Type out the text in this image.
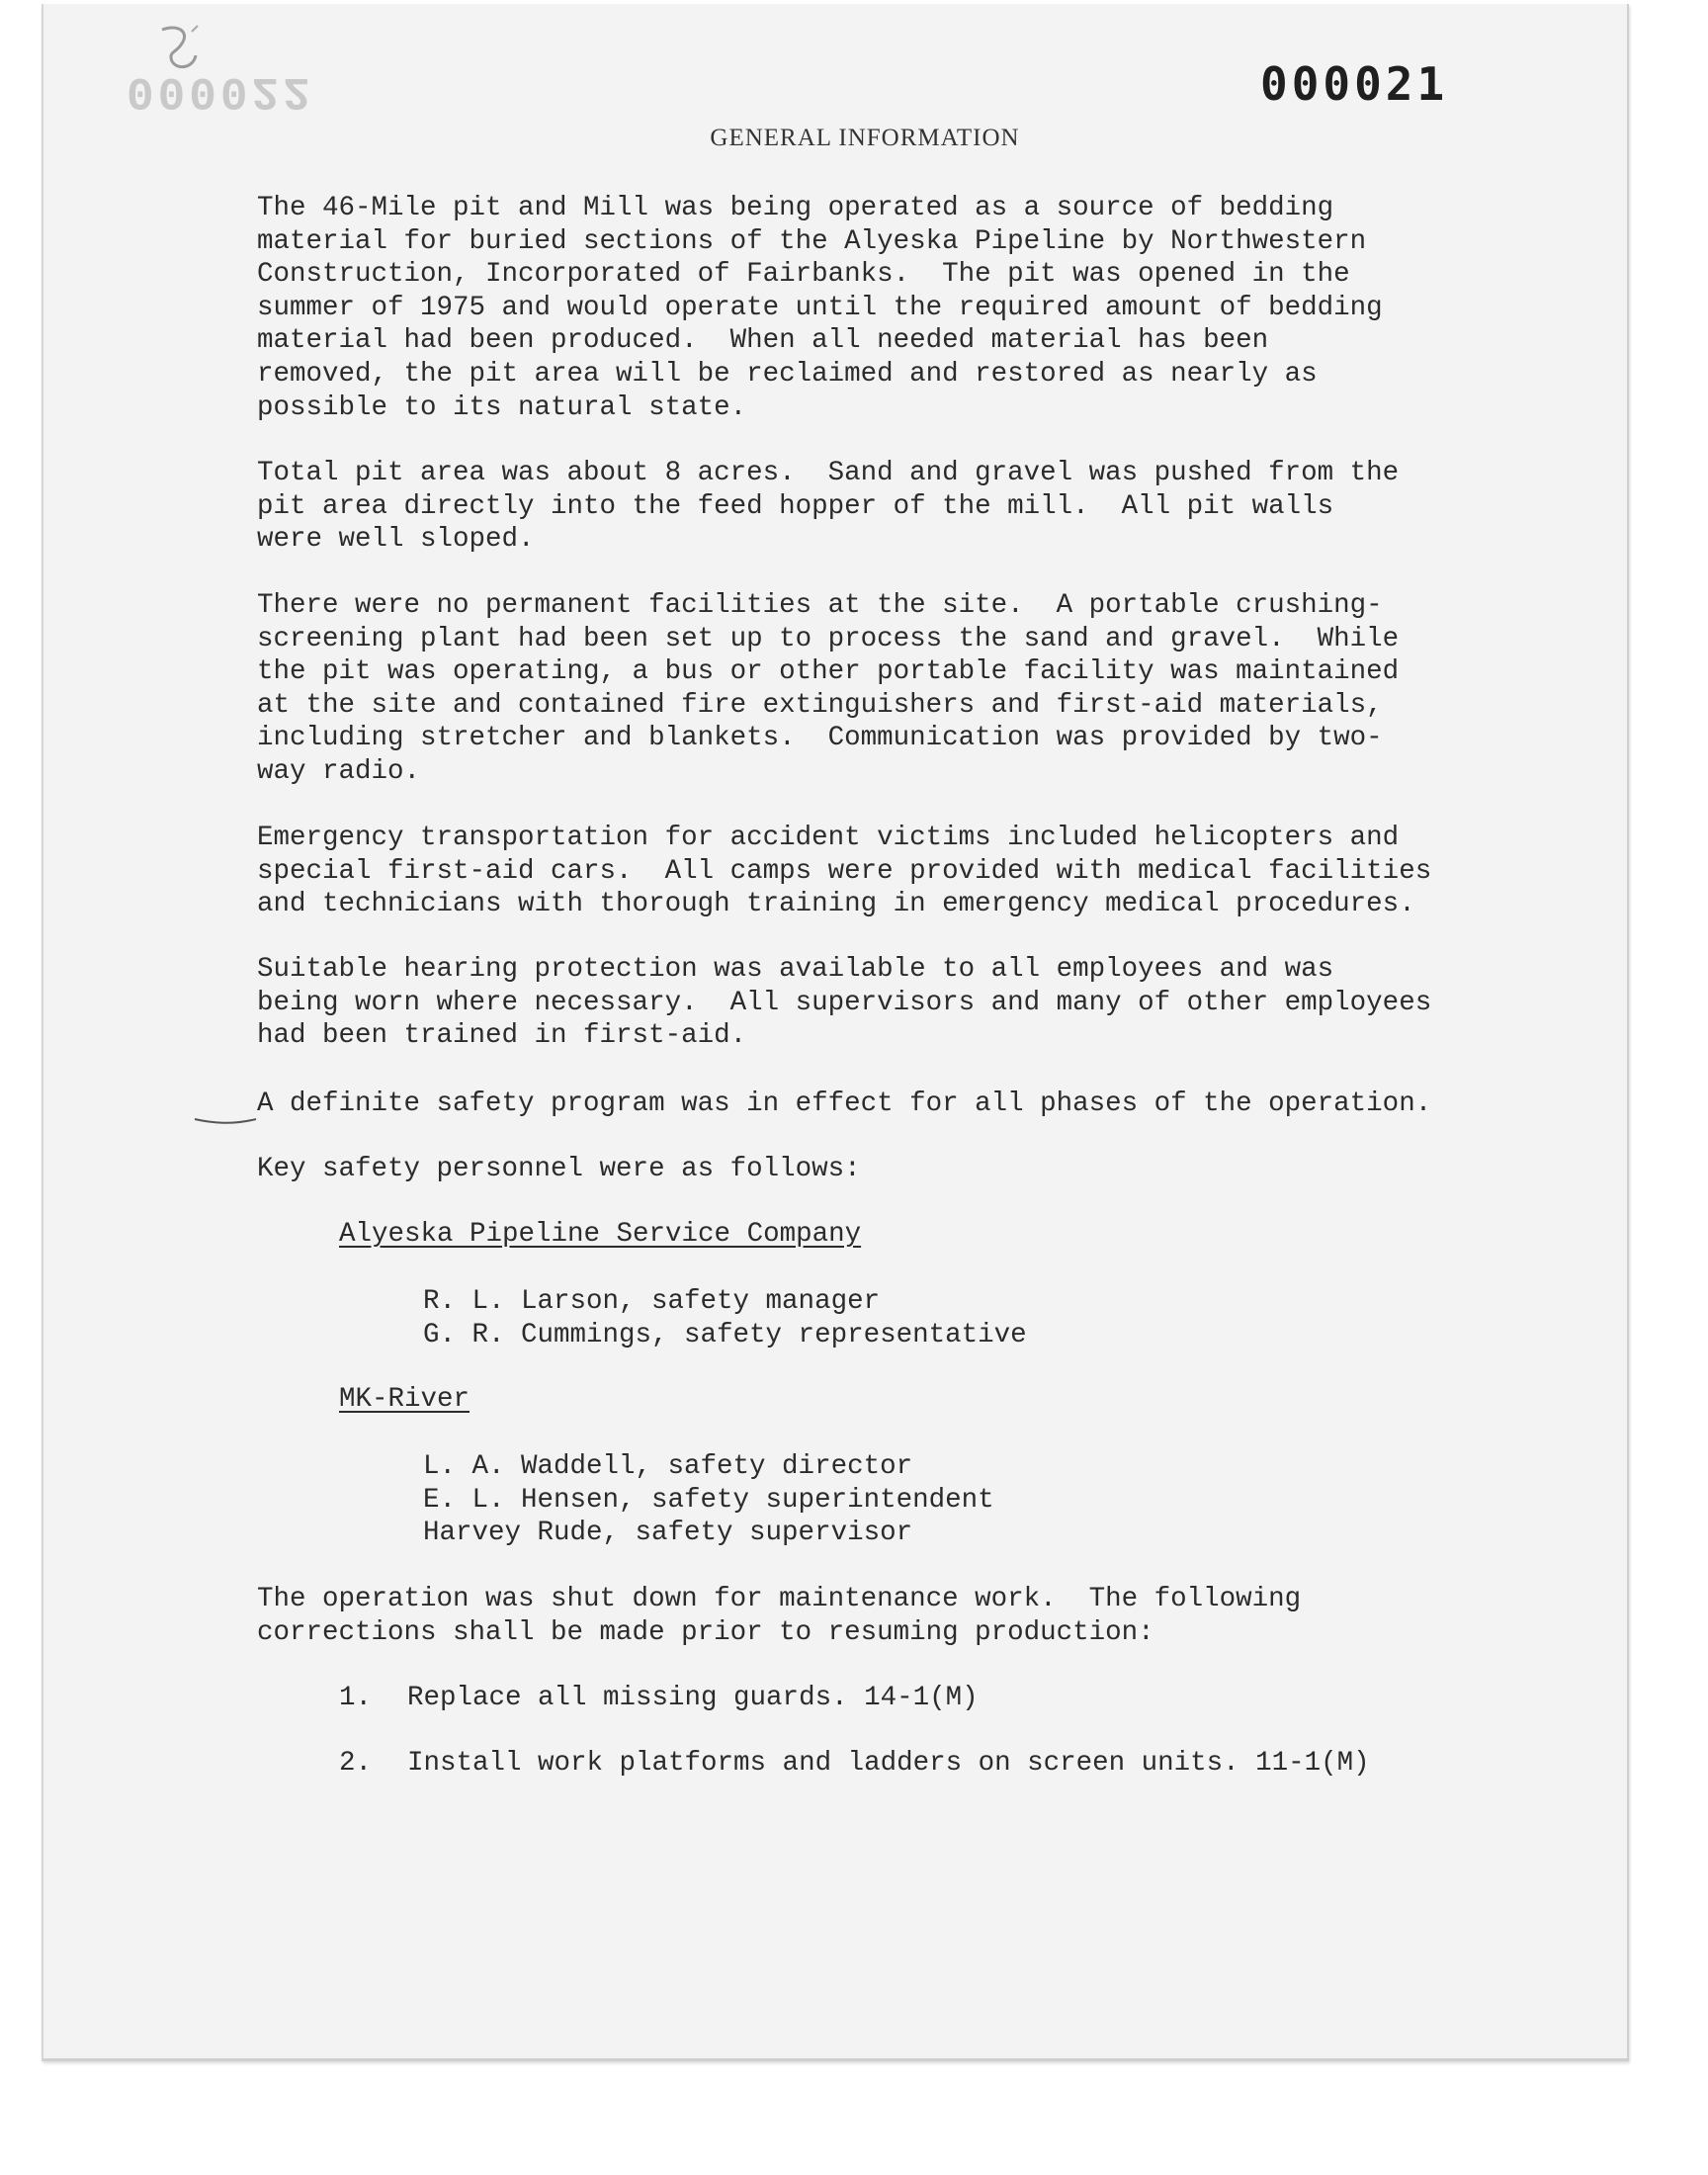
000022	000021
GENERAL INFORMATION
The 46-Mile pit and Mill was being operated as a source of bedding
material for buried sections of the Alyeska Pipeline by Northwestern
Construction, Incorporated of Fairbanks.  The pit was opened in the
summer of 1975 and would operate until the required amount of bedding
material had been produced.  When all needed material has been
removed, the pit area will be reclaimed and restored as nearly as
possible to its natural state.
Total pit area was about 8 acres.  Sand and gravel was pushed from the
pit area directly into the feed hopper of the mill.  All pit walls
were well sloped.
There were no permanent facilities at the site.  A portable crushing-
screening plant had been set up to process the sand and gravel.  While
the pit was operating, a bus or other portable facility was maintained
at the site and contained fire extinguishers and first-aid materials,
including stretcher and blankets.  Communication was provided by two-
way radio.
Emergency transportation for accident victims included helicopters and
special first-aid cars.  All camps were provided with medical facilities
and technicians with thorough training in emergency medical procedures.
Suitable hearing protection was available to all employees and was
being worn where necessary.  All supervisors and many of other employees
had been trained in first-aid.
A definite safety program was in effect for all phases of the operation.
Key safety personnel were as follows:
Alyeska Pipeline Service Company
R. L. Larson, safety manager
G. R. Cummings, safety representative
MK-River
L. A. Waddell, safety director
E. L. Hensen, safety superintendent
Harvey Rude, safety supervisor
The operation was shut down for maintenance work.  The following
corrections shall be made prior to resuming production:
1. Replace all missing guards. 14-1(M)
2. Install work platforms and ladders on screen units. 11-1(M)
